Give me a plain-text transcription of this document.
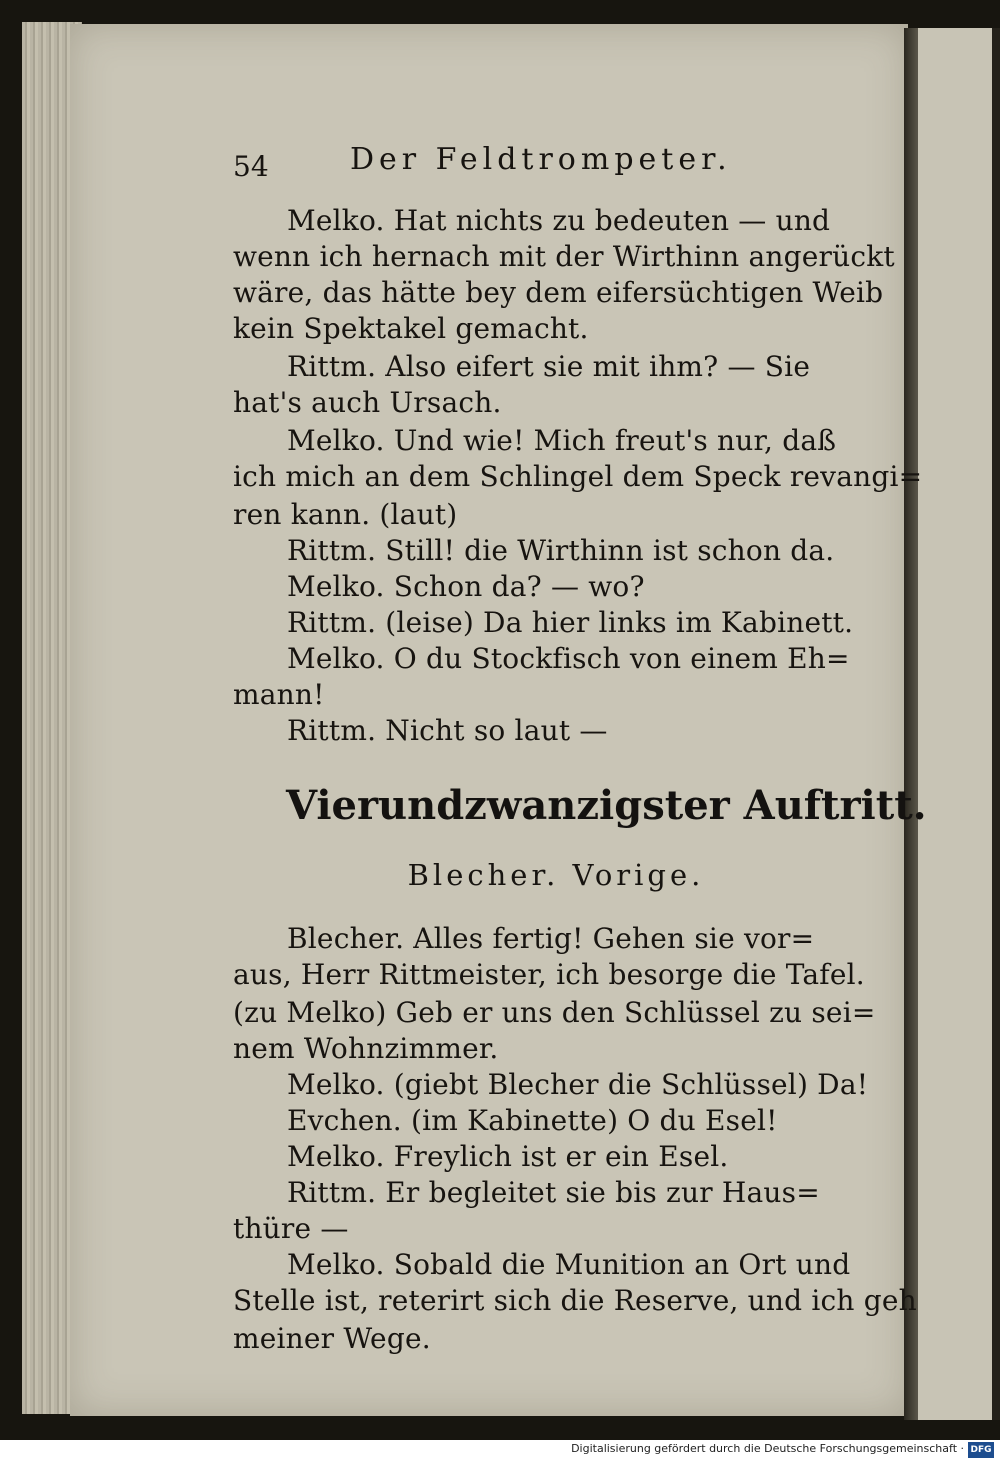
54	Der Feldtrompeter.
Melko. Hat nichts zu bedeuten — und
wenn ich hernach mit der Wirthinn angerückt
wäre, das hätte bey dem eifersüchtigen Weib
kein Spektakel gemacht.
Rittm. Also eifert sie mit ihm? — Sie
hat's auch Ursach.
Melko. Und wie! Mich freut's nur, daß
ich mich an dem Schlingel dem Speck revangi=
ren kann. (laut)
Rittm. Still! die Wirthinn ist schon da.
Melko. Schon da? — wo?
Rittm. (leise) Da hier links im Kabinett.
Melko. O du Stockfisch von einem Eh=
mann!
Rittm. Nicht so laut —
Vierundzwanzigster Auftritt.
Blecher. Vorige.
Blecher. Alles fertig! Gehen sie vor=
aus, Herr Rittmeister, ich besorge die Tafel.
(zu Melko) Geb er uns den Schlüssel zu sei=
nem Wohnzimmer.
Melko. (giebt Blecher die Schlüssel) Da!
Evchen. (im Kabinette) O du Esel!
Melko. Freylich ist er ein Esel.
Rittm. Er begleitet sie bis zur Haus=
thüre —
Melko. Sobald die Munition an Ort und
Stelle ist, reterirt sich die Reserve, und ich geh
meiner Wege.
Digitalisierung gefördert durch die Deutsche Forschungsgemeinschaft · DFG
